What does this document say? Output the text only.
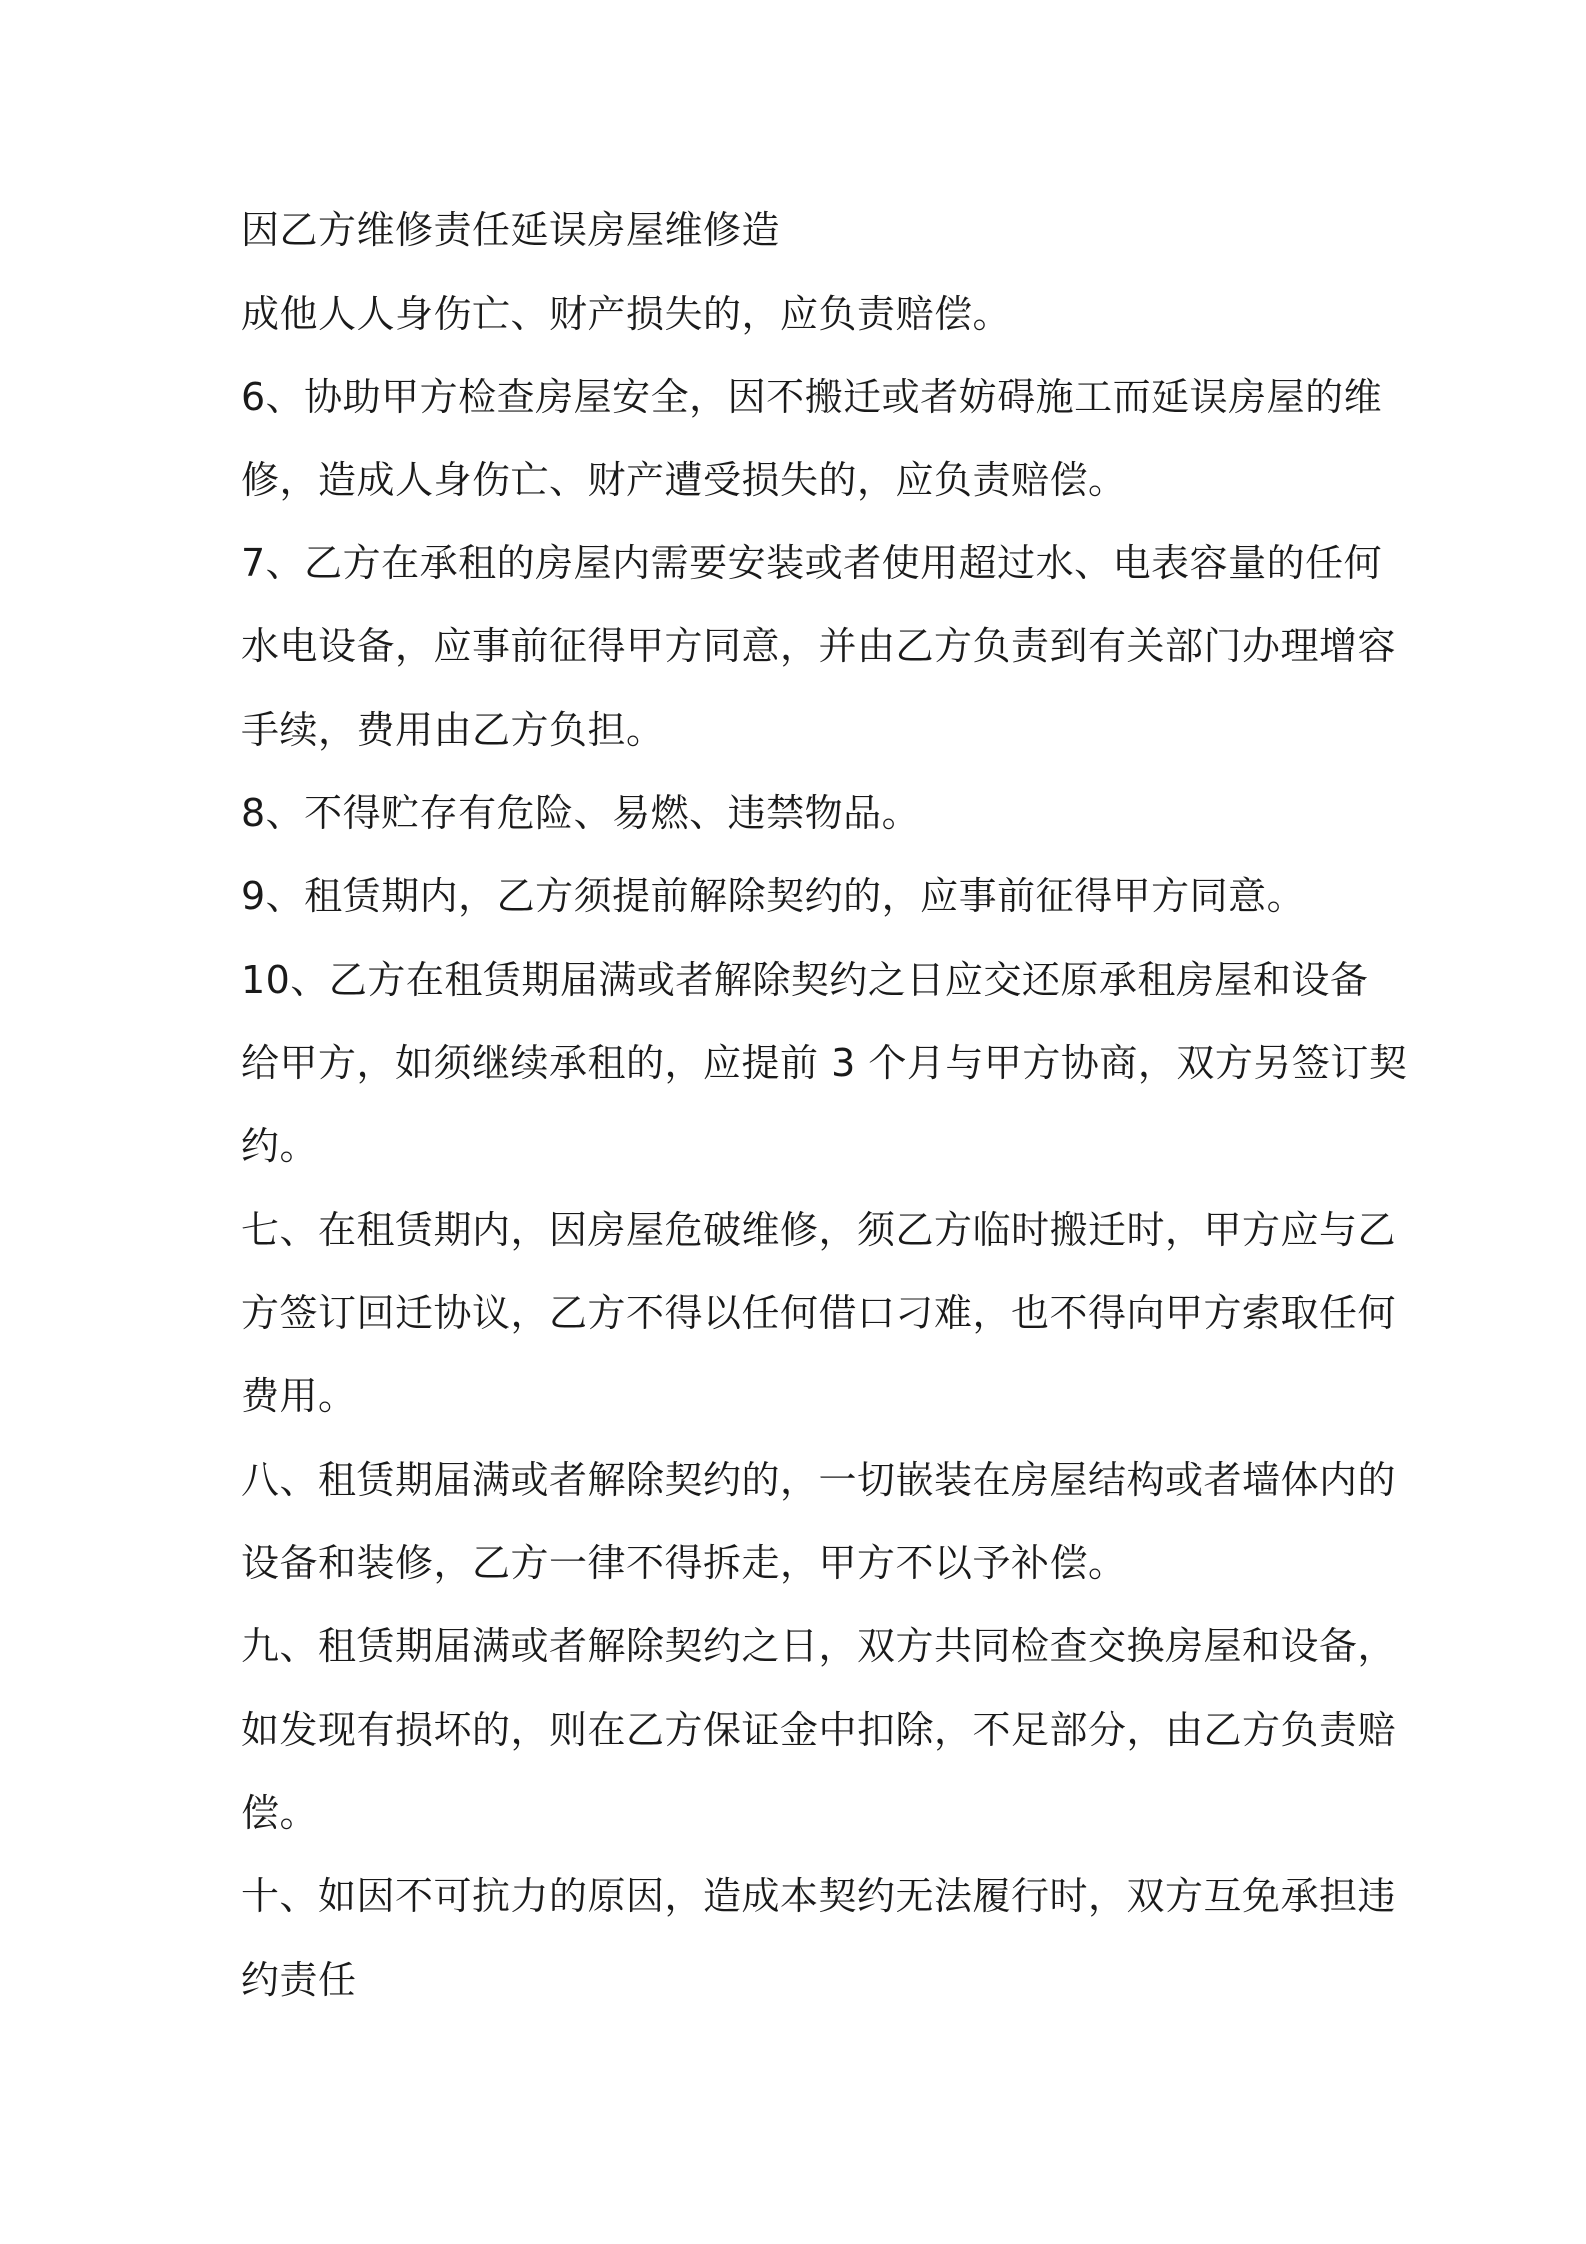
因乙方维修责任延误房屋维修造
成他人人身伤亡、财产损失的，应负责赔偿。
6、协助甲方检查房屋安全，因不搬迁或者妨碍施工而延误房屋的维
修，造成人身伤亡、财产遭受损失的，应负责赔偿。
7、乙方在承租的房屋内需要安装或者使用超过水、电表容量的任何
水电设备，应事前征得甲方同意，并由乙方负责到有关部门办理增容
手续，费用由乙方负担。
8、不得贮存有危险、易燃、违禁物品。
9、租赁期内，乙方须提前解除契约的，应事前征得甲方同意。
10、乙方在租赁期届满或者解除契约之日应交还原承租房屋和设备
给甲方，如须继续承租的，应提前 3 个月与甲方协商，双方另签订契
约。
七、在租赁期内，因房屋危破维修，须乙方临时搬迁时，甲方应与乙
方签订回迁协议，乙方不得以任何借口刁难，也不得向甲方索取任何
费用。
八、租赁期届满或者解除契约的，一切嵌装在房屋结构或者墙体内的
设备和装修，乙方一律不得拆走，甲方不以予补偿。
九、租赁期届满或者解除契约之日，双方共同检查交换房屋和设备，
如发现有损坏的，则在乙方保证金中扣除，不足部分，由乙方负责赔
偿。
十、如因不可抗力的原因，造成本契约无法履行时，双方互免承担违
约责任
